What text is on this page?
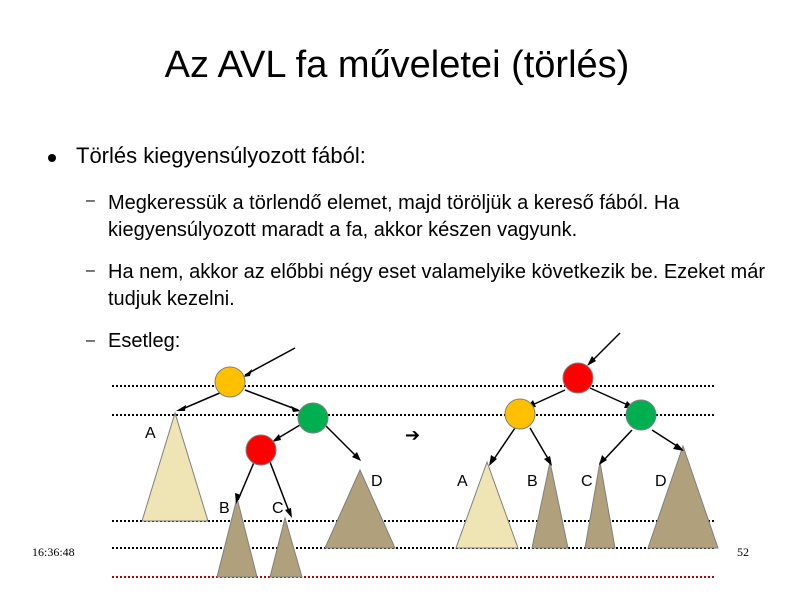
Az AVL fa műveletei (törlés)
Törlés kiegyensúlyozott fából:
– Megkeressük a törlendő elemet, majd töröljük a kereső fából. Ha kiegyensúlyozott maradt a fa, akkor készen vagyunk.
– Ha nem, akkor az előbbi négy eset valamelyike következik be. Ezeket már tudjuk kezelni.
– Esetleg:
A
B	C
D
➔
A	B	C	D
16:36:48	52
